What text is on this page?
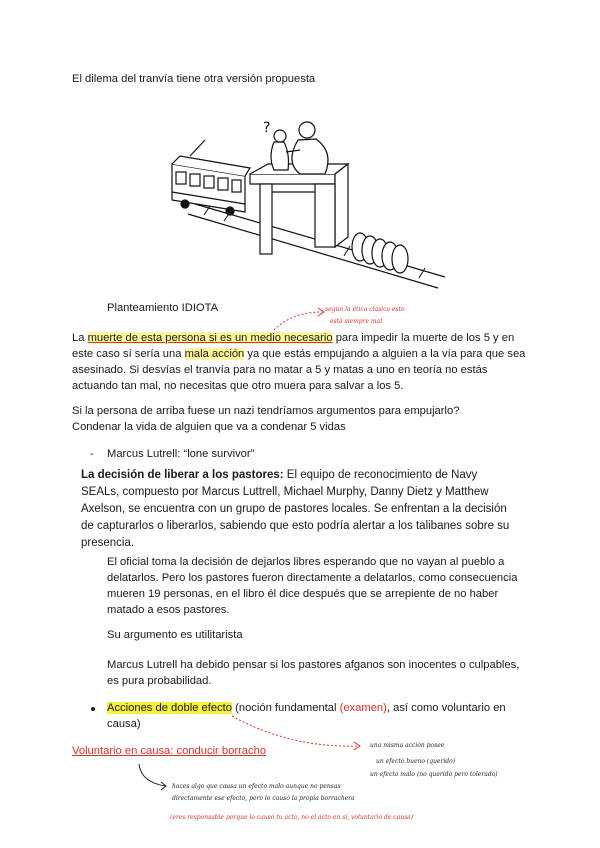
El dilema del tranvía tiene otra versión propuesta
?
Planteamiento IDIOTA	según la ética clásica esto
está siempre mal
La muerte de esta persona si es un medio necesario para impedir la muerte de los 5 y en
este caso sí sería una mala acción ya que estás empujando a alguien a la vía para que sea
asesinado. Si desvías el tranvía para no matar a 5 y matas a uno en teoría no estás
actuando tan mal, no necesitas que otro muera para salvar a los 5.
Si la persona de arriba fuese un nazi tendríamos argumentos para empujarlo?
Condenar la vida de alguien que va a condenar 5 vidas
- Marcus Lutrell: “lone survivor”
La decisión de liberar a los pastores: El equipo de reconocimiento de Navy
SEALs, compuesto por Marcus Luttrell, Michael Murphy, Danny Dietz y Matthew
Axelson, se encuentra con un grupo de pastores locales. Se enfrentan a la decisión
de capturarlos o liberarlos, sabiendo que esto podría alertar a los talibanes sobre su
presencia.
El oficial toma la decisión de dejarlos libres esperando que no vayan al pueblo a
delatarlos. Pero los pastores fueron directamente a delatarlos, como consecuencia
mueren 19 personas, en el libro él dice después que se arrepiente de no haber
matado a esos pastores.
Su argumento es utilitarista
Marcus Lutrell ha debido pensar si los pastores afganos son inocentes o culpables,
es pura probabilidad.
Acciones de doble efecto (noción fundamental (examen), así como voluntario en
causa)
Voluntario en causa: conducir borracho	una misma acción posee
un efecto bueno (querido)
un efecto malo (no querido pero tolerado)
haces algo que causa un efecto malo aunque no pensas
directamente ese efecto, pero lo causó la propia borrachera
(eres responsable porque lo causó tu acto, no el acto en sí, voluntario de causa)
